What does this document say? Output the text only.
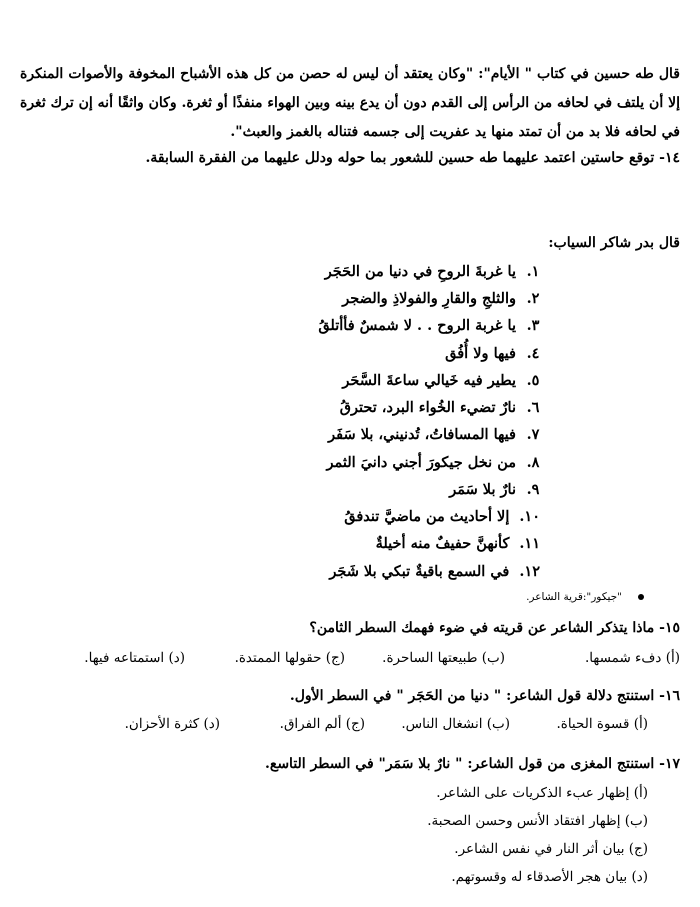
قال طه حسين في كتاب " الأيام": "وكان يعتقد أن ليس له حصن من كل هذه الأشباح المخوفة والأصوات المنكرة إلا أن يلتف في لحافه من الرأس إلى القدم دون أن يدع بينه وبين الهواء منفذًا أو ثغرة. وكان واثقًا أنه إن ترك ثغرة في لحافه فلا بد من أن تمتد منها يد عفريت إلى جسمه فتناله بالغمز والعبث".
١٤- توقع حاستين اعتمد عليهما طه حسين للشعور بما حوله ودلل عليهما من الفقرة السابقة.
قال بدر شاكر السياب:
١.يا غربةَ الروحِ في دنيا من الحَجَر
٢.والثلجِ والقارِ والفولاذِ والضجر
٣.يا غربة الروح . . لا شمسٌ فأأتلقُ
٤.فيها ولا أُفُق
٥.يطير فيه خَيالي ساعةَ السَّحَر
٦.نارٌ تضيء الخُواء البرد، تحترقُ
٧.فيها المسافاتُ، تُدنيني، بلا سَفَر
٨.من نخل جيكورَ أجني دانيَ الثمر
٩.نارٌ بلا سَمَر
١٠.إلا أحاديث من ماضيَّ تندفقُ
١١.كأنهنَّ حفيفٌ منه أخيلةٌ
١٢.في السمع باقيةٌ تبكي بلا شَجَر
"جيكور":قرية الشاعر.
١٥- ماذا يتذكر الشاعر عن قريته في ضوء فهمك السطر الثامن؟
(أ) دفء شمسها.
(ب) طبيعتها الساحرة.
(ج) حقولها الممتدة.
(د) استمتاعه فيها.
١٦- استنتج دلالة قول الشاعر: " دنيا من الحَجَر " في السطر الأول.
(أ) قسوة الحياة.
(ب) انشغال الناس.
(ج) ألم الفراق.
(د) كثرة الأحزان.
١٧- استنتج المغزى من قول الشاعر: " نارٌ بلا سَمَر" في السطر التاسع.
(أ) إظهار عبء الذكريات على الشاعر.
(ب) إظهار افتقاد الأنس وحسن الصحبة.
(ج) بيان أثر النار في نفس الشاعر.
(د) بيان هجر الأصدقاء له وقسوتهم.
